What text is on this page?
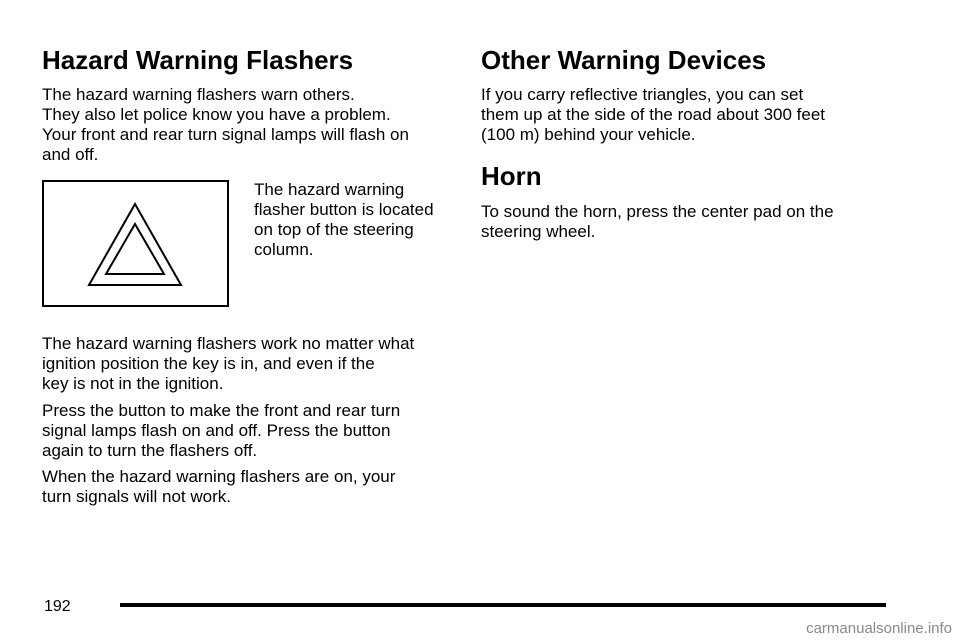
Hazard Warning Flashers

The hazard warning flashers warn others.
They also let police know you have a problem.
Your front and rear turn signal lamps will flash on
and off.

The hazard warning
flasher button is located
on top of the steering
column.

The hazard warning flashers work no matter what
ignition position the key is in, and even if the
key is not in the ignition.

Press the button to make the front and rear turn
signal lamps flash on and off. Press the button
again to turn the flashers off.

When the hazard warning flashers are on, your
turn signals will not work.

Other Warning Devices

If you carry reflective triangles, you can set
them up at the side of the road about 300 feet
(100 m) behind your vehicle.

Horn

To sound the horn, press the center pad on the
steering wheel.

192
carmanualsonline.info
